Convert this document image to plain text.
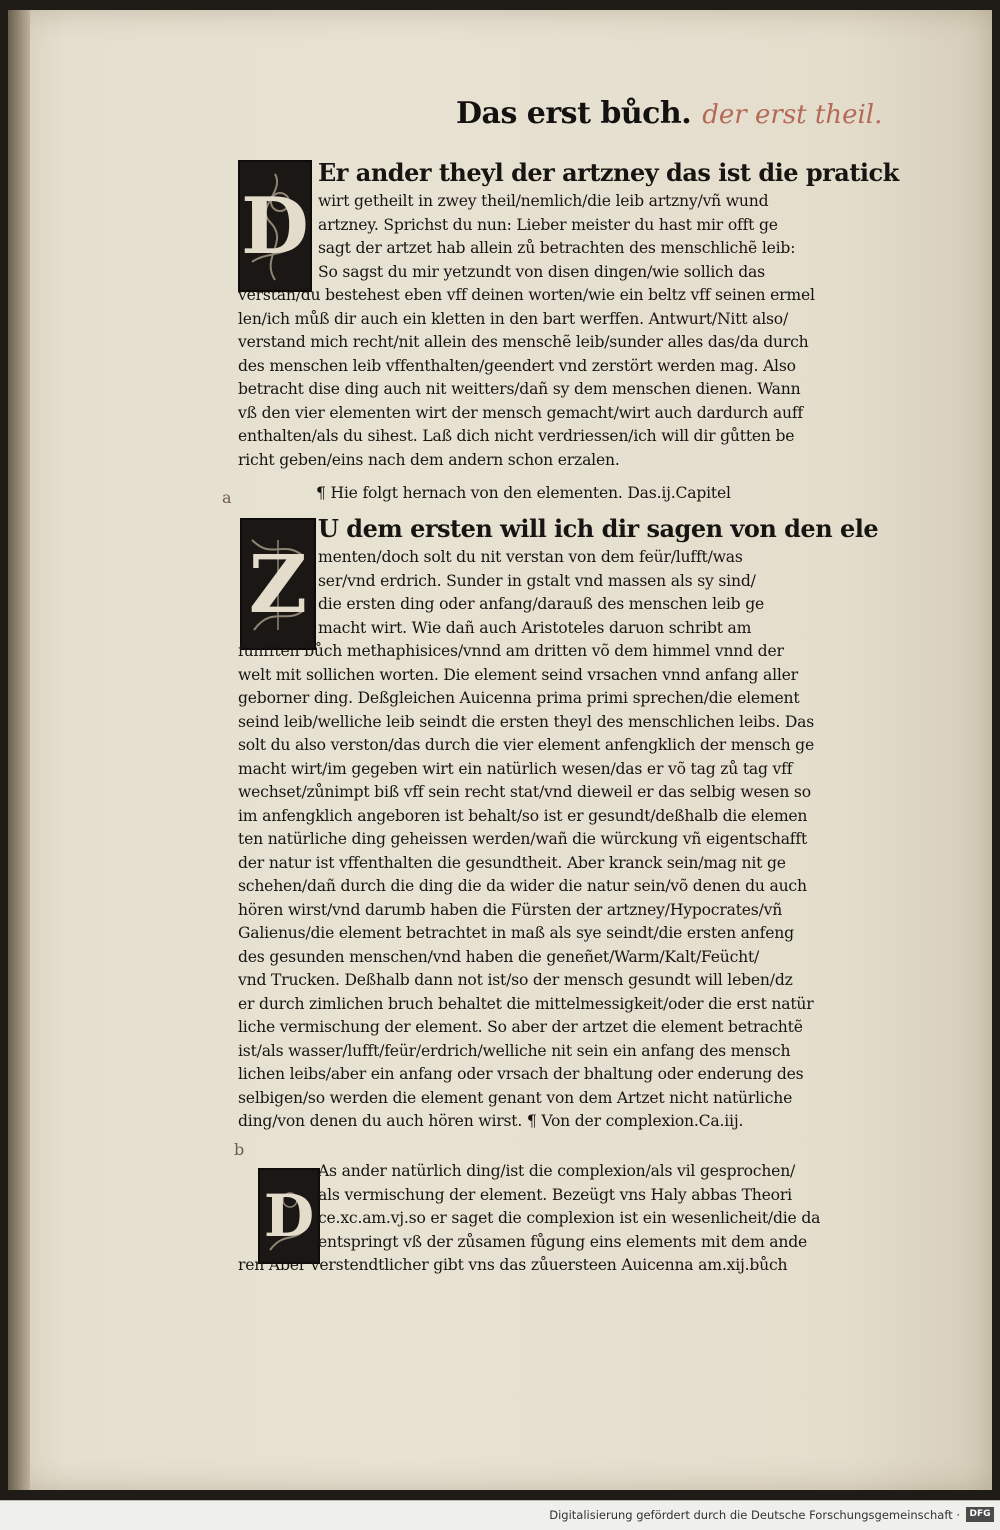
Das erst bůch. der erst theil.
D
Z
D
a
b
Er ander theyl der artzney das ist die pratick
wirt getheilt in zwey theil/nemlich/die leib artzny/vñ wund
artzney. Sprichst du nun: Lieber meister du hast mir offt ge
sagt der artzet hab allein zů betrachten des menschlichẽ leib:
So sagst du mir yetzundt von disen dingen/wie sollich das
verstan/du bestehest eben vff deinen worten/wie ein beltz vff seinen ermel
len/ich můß dir auch ein kletten in den bart werffen. Antwurt/Nitt also/
verstand mich recht/nit allein des menschẽ leib/sunder alles das/da durch
des menschen leib vffenthalten/geendert vnd zerstört werden mag. Also
betracht dise ding auch nit weitters/dañ sy dem menschen dienen. Wann
vß den vier elementen wirt der mensch gemacht/wirt auch dardurch auff
enthalten/als du sihest. Laß dich nicht verdriessen/ich will dir gůtten be
richt geben/eins nach dem andern schon erzalen.
¶ Hie folgt hernach von den elementen. Das.ij.Capitel
U dem ersten will ich dir sagen von den ele
menten/doch solt du nit verstan von dem feür/lufft/was
ser/vnd erdrich. Sunder in gstalt vnd massen als sy sind/
die ersten ding oder anfang/darauß des menschen leib ge
macht wirt. Wie dañ auch Aristoteles daruon schribt am
fünfften bůch methaphisices/vnnd am dritten võ dem himmel vnnd der
welt mit sollichen worten. Die element seind vrsachen vnnd anfang aller
geborner ding. Deßgleichen Auicenna prima primi sprechen/die element
seind leib/welliche leib seindt die ersten theyl des menschlichen leibs. Das
solt du also verston/das durch die vier element anfengklich der mensch ge
macht wirt/im gegeben wirt ein natürlich wesen/das er võ tag zů tag vff
wechset/zůnimpt biß vff sein recht stat/vnd dieweil er das selbig wesen so
im anfengklich angeboren ist behalt/so ist er gesundt/deßhalb die elemen
ten natürliche ding geheissen werden/wañ die würckung vñ eigentschafft
der natur ist vffenthalten die gesundtheit. Aber kranck sein/mag nit ge
schehen/dañ durch die ding die da wider die natur sein/võ denen du auch
hören wirst/vnd darumb haben die Fürsten der artzney/Hypocrates/vñ
Galienus/die element betrachtet in maß als sye seindt/die ersten anfeng
des gesunden menschen/vnd haben die geneñet/Warm/Kalt/Feücht/
vnd Trucken. Deßhalb dann not ist/so der mensch gesundt will leben/dz
er durch zimlichen bruch behaltet die mittelmessigkeit/oder die erst natür
liche vermischung der element. So aber der artzet die element betrachtẽ
ist/als wasser/lufft/feür/erdrich/welliche nit sein ein anfang des mensch
lichen leibs/aber ein anfang oder vrsach der bhaltung oder enderung des
selbigen/so werden die element genant von dem Artzet nicht natürliche
ding/von denen du auch hören wirst. ¶ Von der complexion.Ca.iij.
As ander natürlich ding/ist die complexion/als vil gesprochen/
als vermischung der element. Bezeügt vns Haly abbas Theori
ce.xc.am.vj.so er saget die complexion ist ein wesenlicheit/die da
entspringt vß der zůsamen fůgung eins elements mit dem ande
ren Aber verstendtlicher gibt vns das zůuersteen Auicenna am.xij.bůch
Digitalisierung gefördert durch die Deutsche Forschungsgemeinschaft ·	DFG
